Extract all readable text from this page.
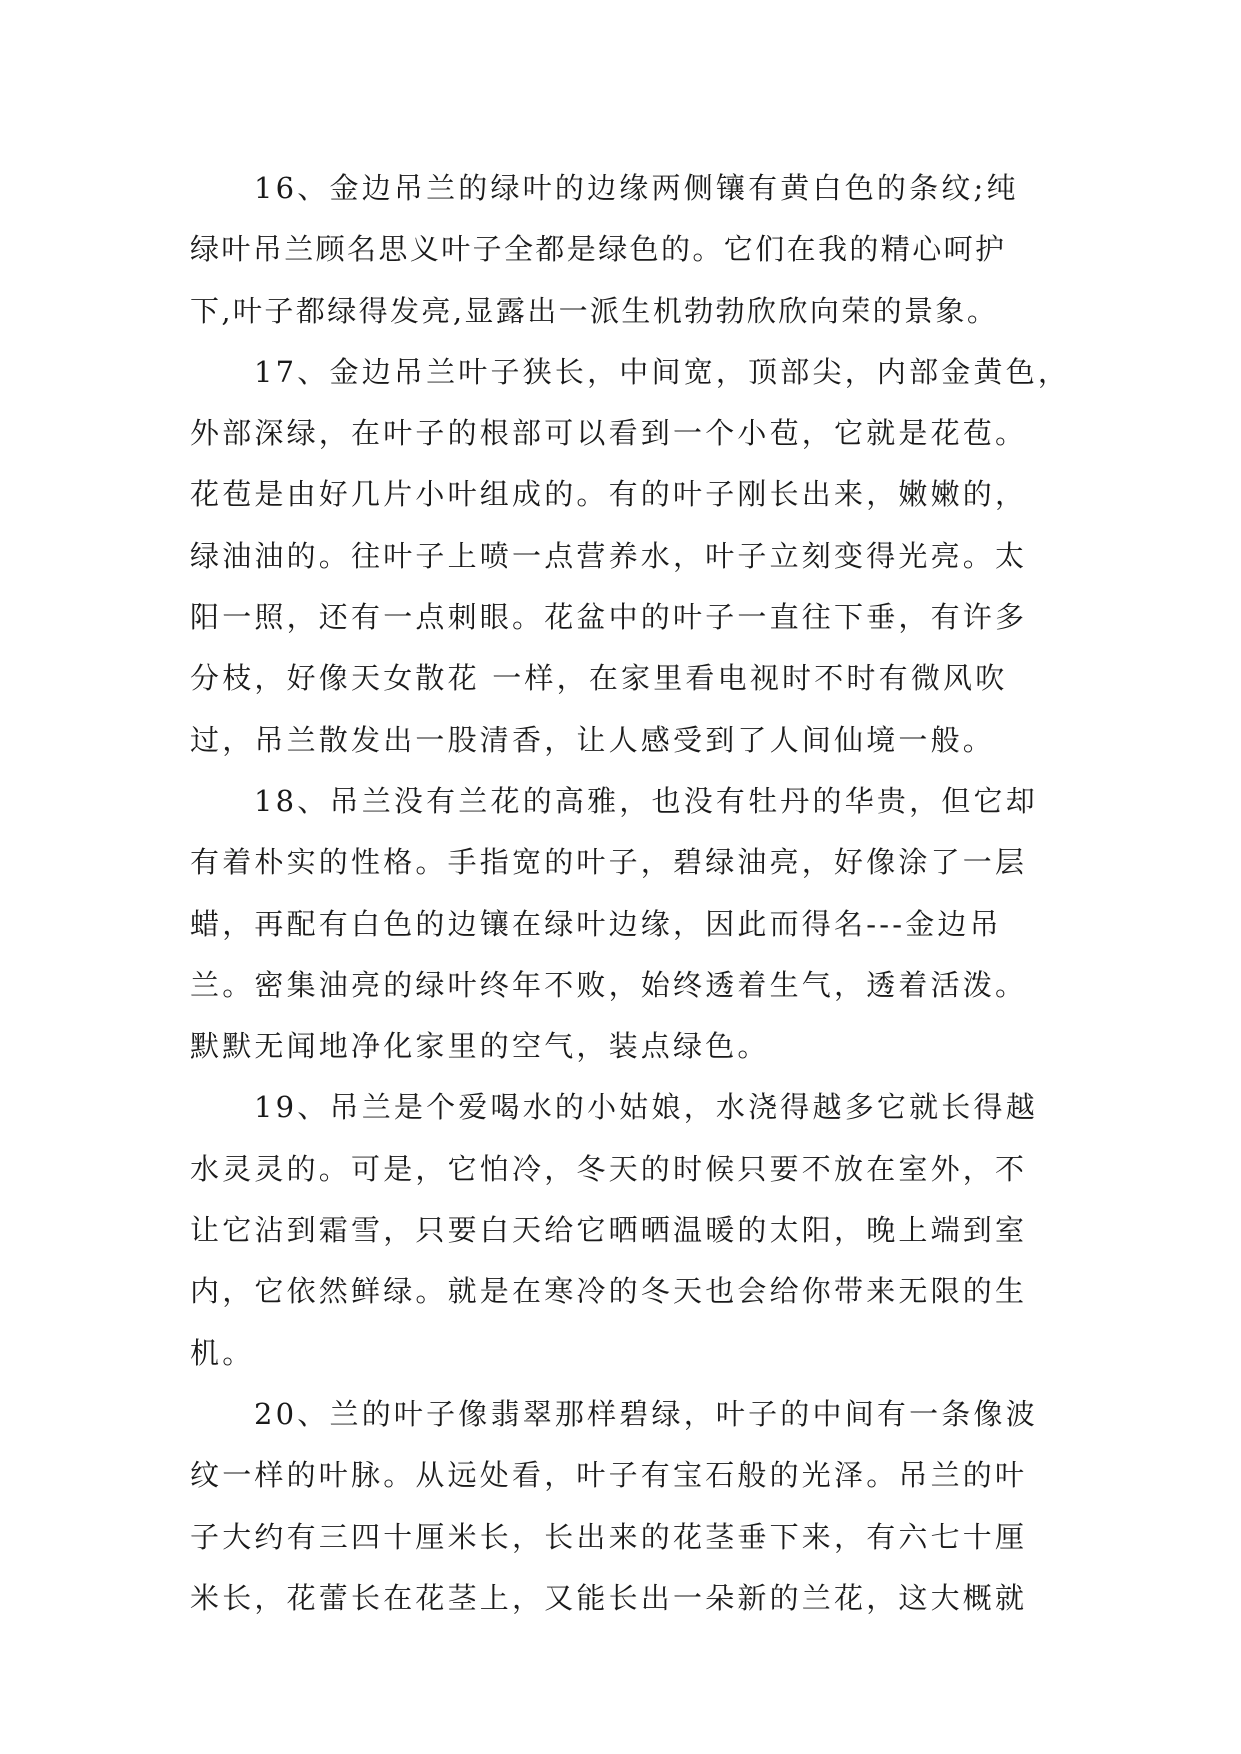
16、金边吊兰的绿叶的边缘两侧镶有黄白色的条纹;纯
绿叶吊兰顾名思义叶子全都是绿色的。它们在我的精心呵护
下,叶子都绿得发亮,显露出一派生机勃勃欣欣向荣的景象。
17、金边吊兰叶子狭长，中间宽，顶部尖，内部金黄色，
外部深绿，在叶子的根部可以看到一个小苞，它就是花苞。
花苞是由好几片小叶组成的。有的叶子刚长出来，嫩嫩的，
绿油油的。往叶子上喷一点营养水，叶子立刻变得光亮。太
阳一照，还有一点刺眼。花盆中的叶子一直往下垂，有许多
分枝，好像天女散花 一样，在家里看电视时不时有微风吹
过，吊兰散发出一股清香，让人感受到了人间仙境一般。
18、吊兰没有兰花的高雅，也没有牡丹的华贵，但它却
有着朴实的性格。手指宽的叶子，碧绿油亮，好像涂了一层
蜡，再配有白色的边镶在绿叶边缘，因此而得名---金边吊
兰。密集油亮的绿叶终年不败，始终透着生气，透着活泼。
默默无闻地净化家里的空气，装点绿色。
19、吊兰是个爱喝水的小姑娘，水浇得越多它就长得越
水灵灵的。可是，它怕冷，冬天的时候只要不放在室外，不
让它沾到霜雪，只要白天给它晒晒温暖的太阳，晚上端到室
内，它依然鲜绿。就是在寒冷的冬天也会给你带来无限的生
机。
20、兰的叶子像翡翠那样碧绿，叶子的中间有一条像波
纹一样的叶脉。从远处看，叶子有宝石般的光泽。吊兰的叶
子大约有三四十厘米长，长出来的花茎垂下来，有六七十厘
米长，花蕾长在花茎上，又能长出一朵新的兰花，这大概就
